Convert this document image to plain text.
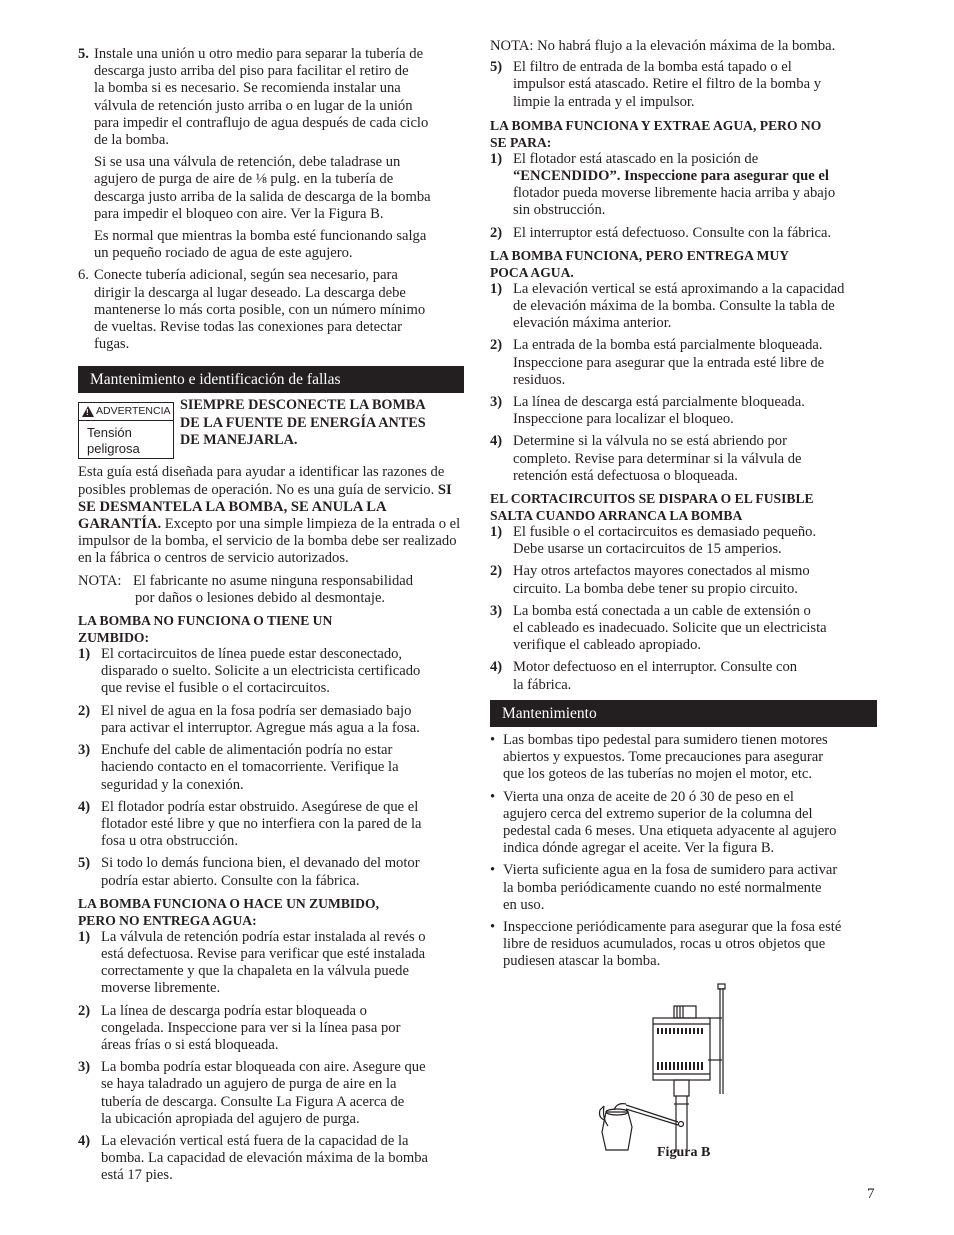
5. Instale una unión u otro medio para separar la tubería de

descarga justo arriba del piso para facilitar el retiro de

la bomba si es necesario. Se recomienda instalar una

válvula de retención justo arriba o en lugar de la unión

para impedir el contraflujo de agua después de cada ciclo

de la bomba.

Si se usa una válvula de retención, debe taladrase un

agujero de purga de aire de ⅛ pulg. en la tubería de

descarga justo arriba de la salida de descarga de la bomba

para impedir el bloqueo con aire. Ver la Figura B.

Es normal que mientras la bomba esté funcionando salga

un pequeño rociado de agua de este agujero.

6. Conecte tubería adicional, según sea necesario, para

dirigir la descarga al lugar deseado. La descarga debe

mantenerse lo más corta posible, con un número mínimo

de vueltas. Revise todas las conexiones para detectar

fugas.

Mantenimiento e identificación de fallas
! ADVERTENCIA
Tensión
peligrosa

SIEMPRE DESCONECTE LA BOMBA

DE LA FUENTE DE ENERGÍA ANTES

DE MANEJARLA.

Esta guía está diseñada para ayudar a identificar las razones de posibles problemas de operación. No es una guía de servicio. SI SE DESMANTELA LA BOMBA, SE ANULA LA GARANTÍA. Excepto por una simple limpieza de la entrada o el impulsor de la bomba, el servicio de la bomba debe ser realizado en la fábrica o centros de servicio autorizados.

NOTA: El fabricante no asume ninguna responsabilidad

por daños o lesiones debido al desmontaje.

LA BOMBA NO FUNCIONA O TIENE UN

ZUMBIDO:

1) El cortacircuitos de línea puede estar desconectado,

disparado o suelto. Solicite a un electricista certificado

que revise el fusible o el cortacircuitos.

2) El nivel de agua en la fosa podría ser demasiado bajo

para activar el interruptor. Agregue más agua a la fosa.

3) Enchufe del cable de alimentación podría no estar

haciendo contacto en el tomacorriente. Verifique la

seguridad y la conexión.

4) El flotador podría estar obstruido. Asegúrese de que el

flotador esté libre y que no interfiera con la pared de la

fosa u otra obstrucción.

5) Si todo lo demás funciona bien, el devanado del motor

podría estar abierto. Consulte con la fábrica.

LA BOMBA FUNCIONA O HACE UN ZUMBIDO,

PERO NO ENTREGA AGUA:

1) La válvula de retención podría estar instalada al revés o

está defectuosa. Revise para verificar que esté instalada

correctamente y que la chapaleta en la válvula puede

moverse libremente.

2) La línea de descarga podría estar bloqueada o

congelada. Inspeccione para ver si la línea pasa por

áreas frías o si está bloqueada.

3) La bomba podría estar bloqueada con aire. Asegure que

se haya taladrado un agujero de purga de aire en la

tubería de descarga. Consulte La Figura A acerca de

la ubicación apropiada del agujero de purga.

4) La elevación vertical está fuera de la capacidad de la

bomba. La capacidad de elevación máxima de la bomba

está 17 pies.

NOTA: No habrá flujo a la elevación máxima de la bomba.

5) El filtro de entrada de la bomba está tapado o el

impulsor está atascado. Retire el filtro de la bomba y

limpie la entrada y el impulsor.

LA BOMBA FUNCIONA Y EXTRAE AGUA, PERO NO

SE PARA:

1) El flotador está atascado en la posición de

“ENCENDIDO”. Inspeccione para asegurar que el

flotador pueda moverse libremente hacia arriba y abajo

sin obstrucción.

2) El interruptor está defectuoso. Consulte con la fábrica.

LA BOMBA FUNCIONA, PERO ENTREGA MUY

POCA AGUA.

1) La elevación vertical se está aproximando a la capacidad

de elevación máxima de la bomba. Consulte la tabla de

elevación máxima anterior.

2) La entrada de la bomba está parcialmente bloqueada.

Inspeccione para asegurar que la entrada esté libre de

residuos.

3) La línea de descarga está parcialmente bloqueada.

Inspeccione para localizar el bloqueo.

4) Determine si la válvula no se está abriendo por

completo. Revise para determinar si la válvula de

retención está defectuosa o bloqueada.

EL CORTACIRCUITOS SE DISPARA O EL FUSIBLE

SALTA CUANDO ARRANCA LA BOMBA

1) El fusible o el cortacircuitos es demasiado pequeño.

Debe usarse un cortacircuitos de 15 amperios.

2) Hay otros artefactos mayores conectados al mismo

circuito. La bomba debe tener su propio circuito.

3) La bomba está conectada a un cable de extensión o

el cableado es inadecuado. Solicite que un electricista

verifique el cableado apropiado.

4) Motor defectuoso en el interruptor. Consulte con

la fábrica.

Mantenimiento
• Las bombas tipo pedestal para sumidero tienen motores

abiertos y expuestos. Tome precauciones para asegurar

que los goteos de las tuberías no mojen el motor, etc.

• Vierta una onza de aceite de 20 ó 30 de peso en el

agujero cerca del extremo superior de la columna del

pedestal cada 6 meses. Una etiqueta adyacente al agujero

indica dónde agregar el aceite. Ver la figura B.

• Vierta suficiente agua en la fosa de sumidero para activar

la bomba periódicamente cuando no esté normalmente

en uso.

• Inspeccione periódicamente para asegurar que la fosa esté

libre de residuos acumulados, rocas u otros objetos que

pudiesen atascar la bomba.

Figura B
7
